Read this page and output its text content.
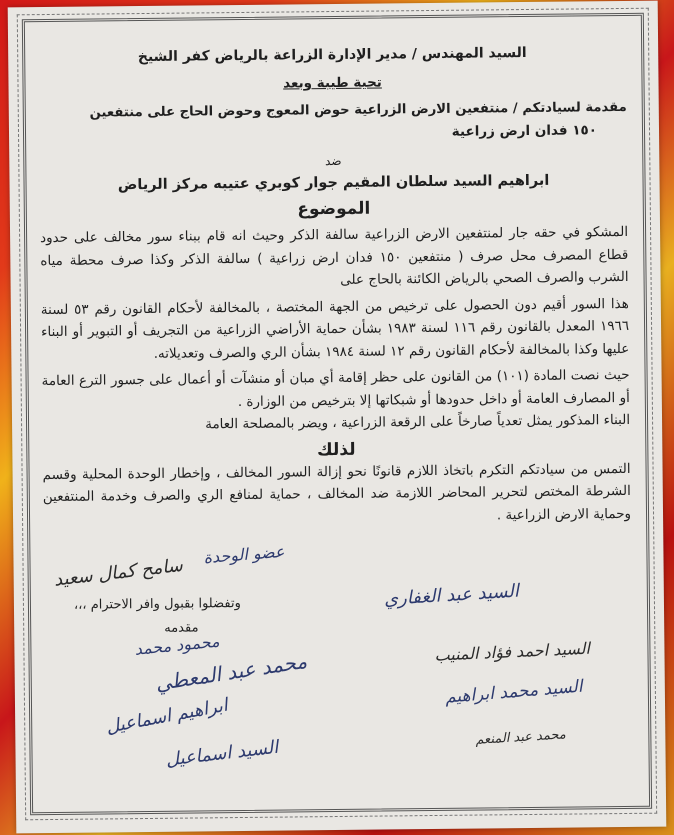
السيد المهندس / مدير الإدارة الزراعة بالرياض كفر الشيخ
تحية طيبة وبعد
مقدمة لسيادتكم / منتفعين الارض الزراعية حوض المعوج وحوض الحاج على منتفعين
١٥٠ فدان ارض زراعية
ضد
ابراهيم السيد سلطان المقيم جوار كوبري عتيبه مركز الرياض
الموضوع

المشكو في حقه جار لمنتفعين الارض الزراعية سالفة الذكر وحيث انه قام ببناء سور مخالف على حدود قطاع المصرف محل صرف ( منتفعين ١٥٠ فدان ارض زراعية ) سالفة الذكر وكذا صرف محطة مياه الشرب والصرف الصحي بالرياض الكائنة بالحاج على

هذا السور أقيم دون الحصول على ترخيص من الجهة المختصة ، بالمخالفة لأحكام القانون رقم ٥٣ لسنة ١٩٦٦ المعدل بالقانون رقم ١١٦ لسنة ١٩٨٣ بشأن حماية الأراضي الزراعية من التجريف أو التبوير أو البناء عليها وكذا بالمخالفة لأحكام القانون رقم ١٢ لسنة ١٩٨٤ بشأن الري والصرف وتعديلاته.

حيث نصت المادة (١٠١) من القانون على حظر إقامة أي مبان أو منشآت أو أعمال على جسور الترع العامة أو المصارف العامة أو داخل حدودها أو شبكاتها إلا بترخيص من الوزارة .

البناء المذكور يمثل تعدياً صارخاً على الرقعة الزراعية ، ويضر بالمصلحة العامة

لذلك

التمس من سيادتكم التكرم باتخاذ اللازم قانونًا نحو إزالة السور المخالف ، وإخطار الوحدة المحلية وقسم الشرطة المختص لتحرير المحاضر اللازمة ضد المخالف ، حماية لمنافع الري والصرف وخدمة المنتفعين وحماية الارض الزراعية .

وتفضلوا بقبول وافر الاحترام ،،،
مقدمه
عضو الوحدة
سامح كمال سعيد
السيد عبد الغفاري
محمود محمد
محمد عبد المعطي
ابراهيم اسماعيل
السيد احمد فؤاد المنيب
السيد محمد ابراهيم
السيد اسماعيل	محمد عبد المنعم
